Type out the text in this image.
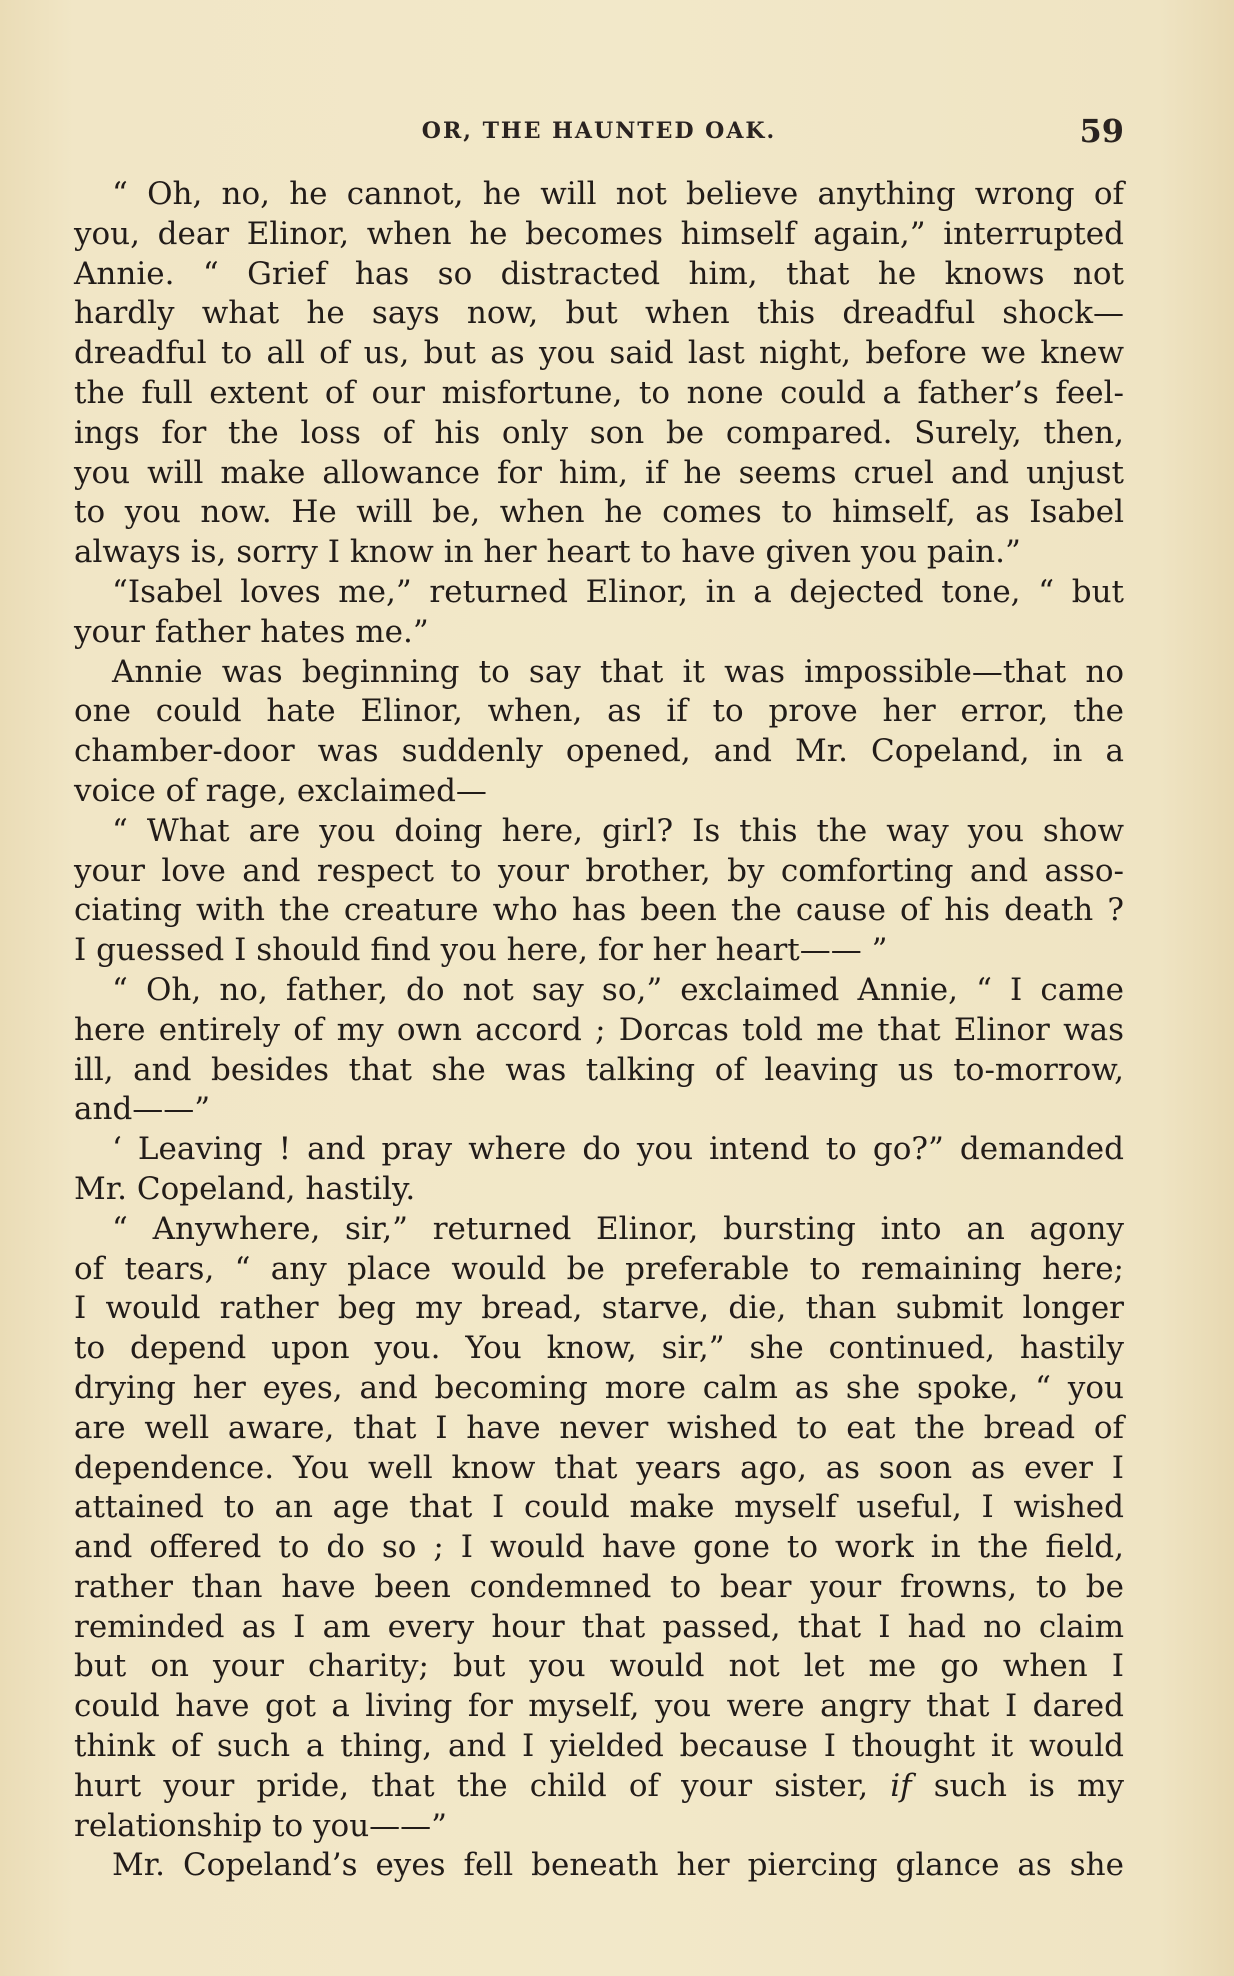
OR, THE HAUNTED OAK.	59
“ Oh, no, he cannot, he will not believe anything wrong of
you, dear Elinor, when he becomes himself again,” interrupted
Annie. “ Grief has so distracted him, that he knows not
hardly what he says now, but when this dreadful shock—
dreadful to all of us, but as you said last night, before we knew
the full extent of our misfortune, to none could a father’s feel-
ings for the loss of his only son be compared. Surely, then,
you will make allowance for him, if he seems cruel and unjust
to you now. He will be, when he comes to himself, as Isabel
always is, sorry I know in her heart to have given you pain.”
“Isabel loves me,” returned Elinor, in a dejected tone, “ but
your father hates me.”
Annie was beginning to say that it was impossible—that no
one could hate Elinor, when, as if to prove her error, the
chamber-door was suddenly opened, and Mr. Copeland, in a
voice of rage, exclaimed—
“ What are you doing here, girl? Is this the way you show
your love and respect to your brother, by comforting and asso-
ciating with the creature who has been the cause of his death ?
I guessed I should find you here, for her heart—— ”
“ Oh, no, father, do not say so,” exclaimed Annie, “ I came
here entirely of my own accord ; Dorcas told me that Elinor was
ill, and besides that she was talking of leaving us to-morrow,
and——”
‘ Leaving ! and pray where do you intend to go?” demanded
Mr. Copeland, hastily.
“ Anywhere, sir,” returned Elinor, bursting into an agony
of tears, “ any place would be preferable to remaining here;
I would rather beg my bread, starve, die, than submit longer
to depend upon you. You know, sir,” she continued, hastily
drying her eyes, and becoming more calm as she spoke, “ you
are well aware, that I have never wished to eat the bread of
dependence. You well know that years ago, as soon as ever I
attained to an age that I could make myself useful, I wished
and offered to do so ; I would have gone to work in the field,
rather than have been condemned to bear your frowns, to be
reminded as I am every hour that passed, that I had no claim
but on your charity; but you would not let me go when I
could have got a living for myself, you were angry that I dared
think of such a thing, and I yielded because I thought it would
hurt your pride, that the child of your sister, if such is my
relationship to you——”
Mr. Copeland’s eyes fell beneath her piercing glance as she
